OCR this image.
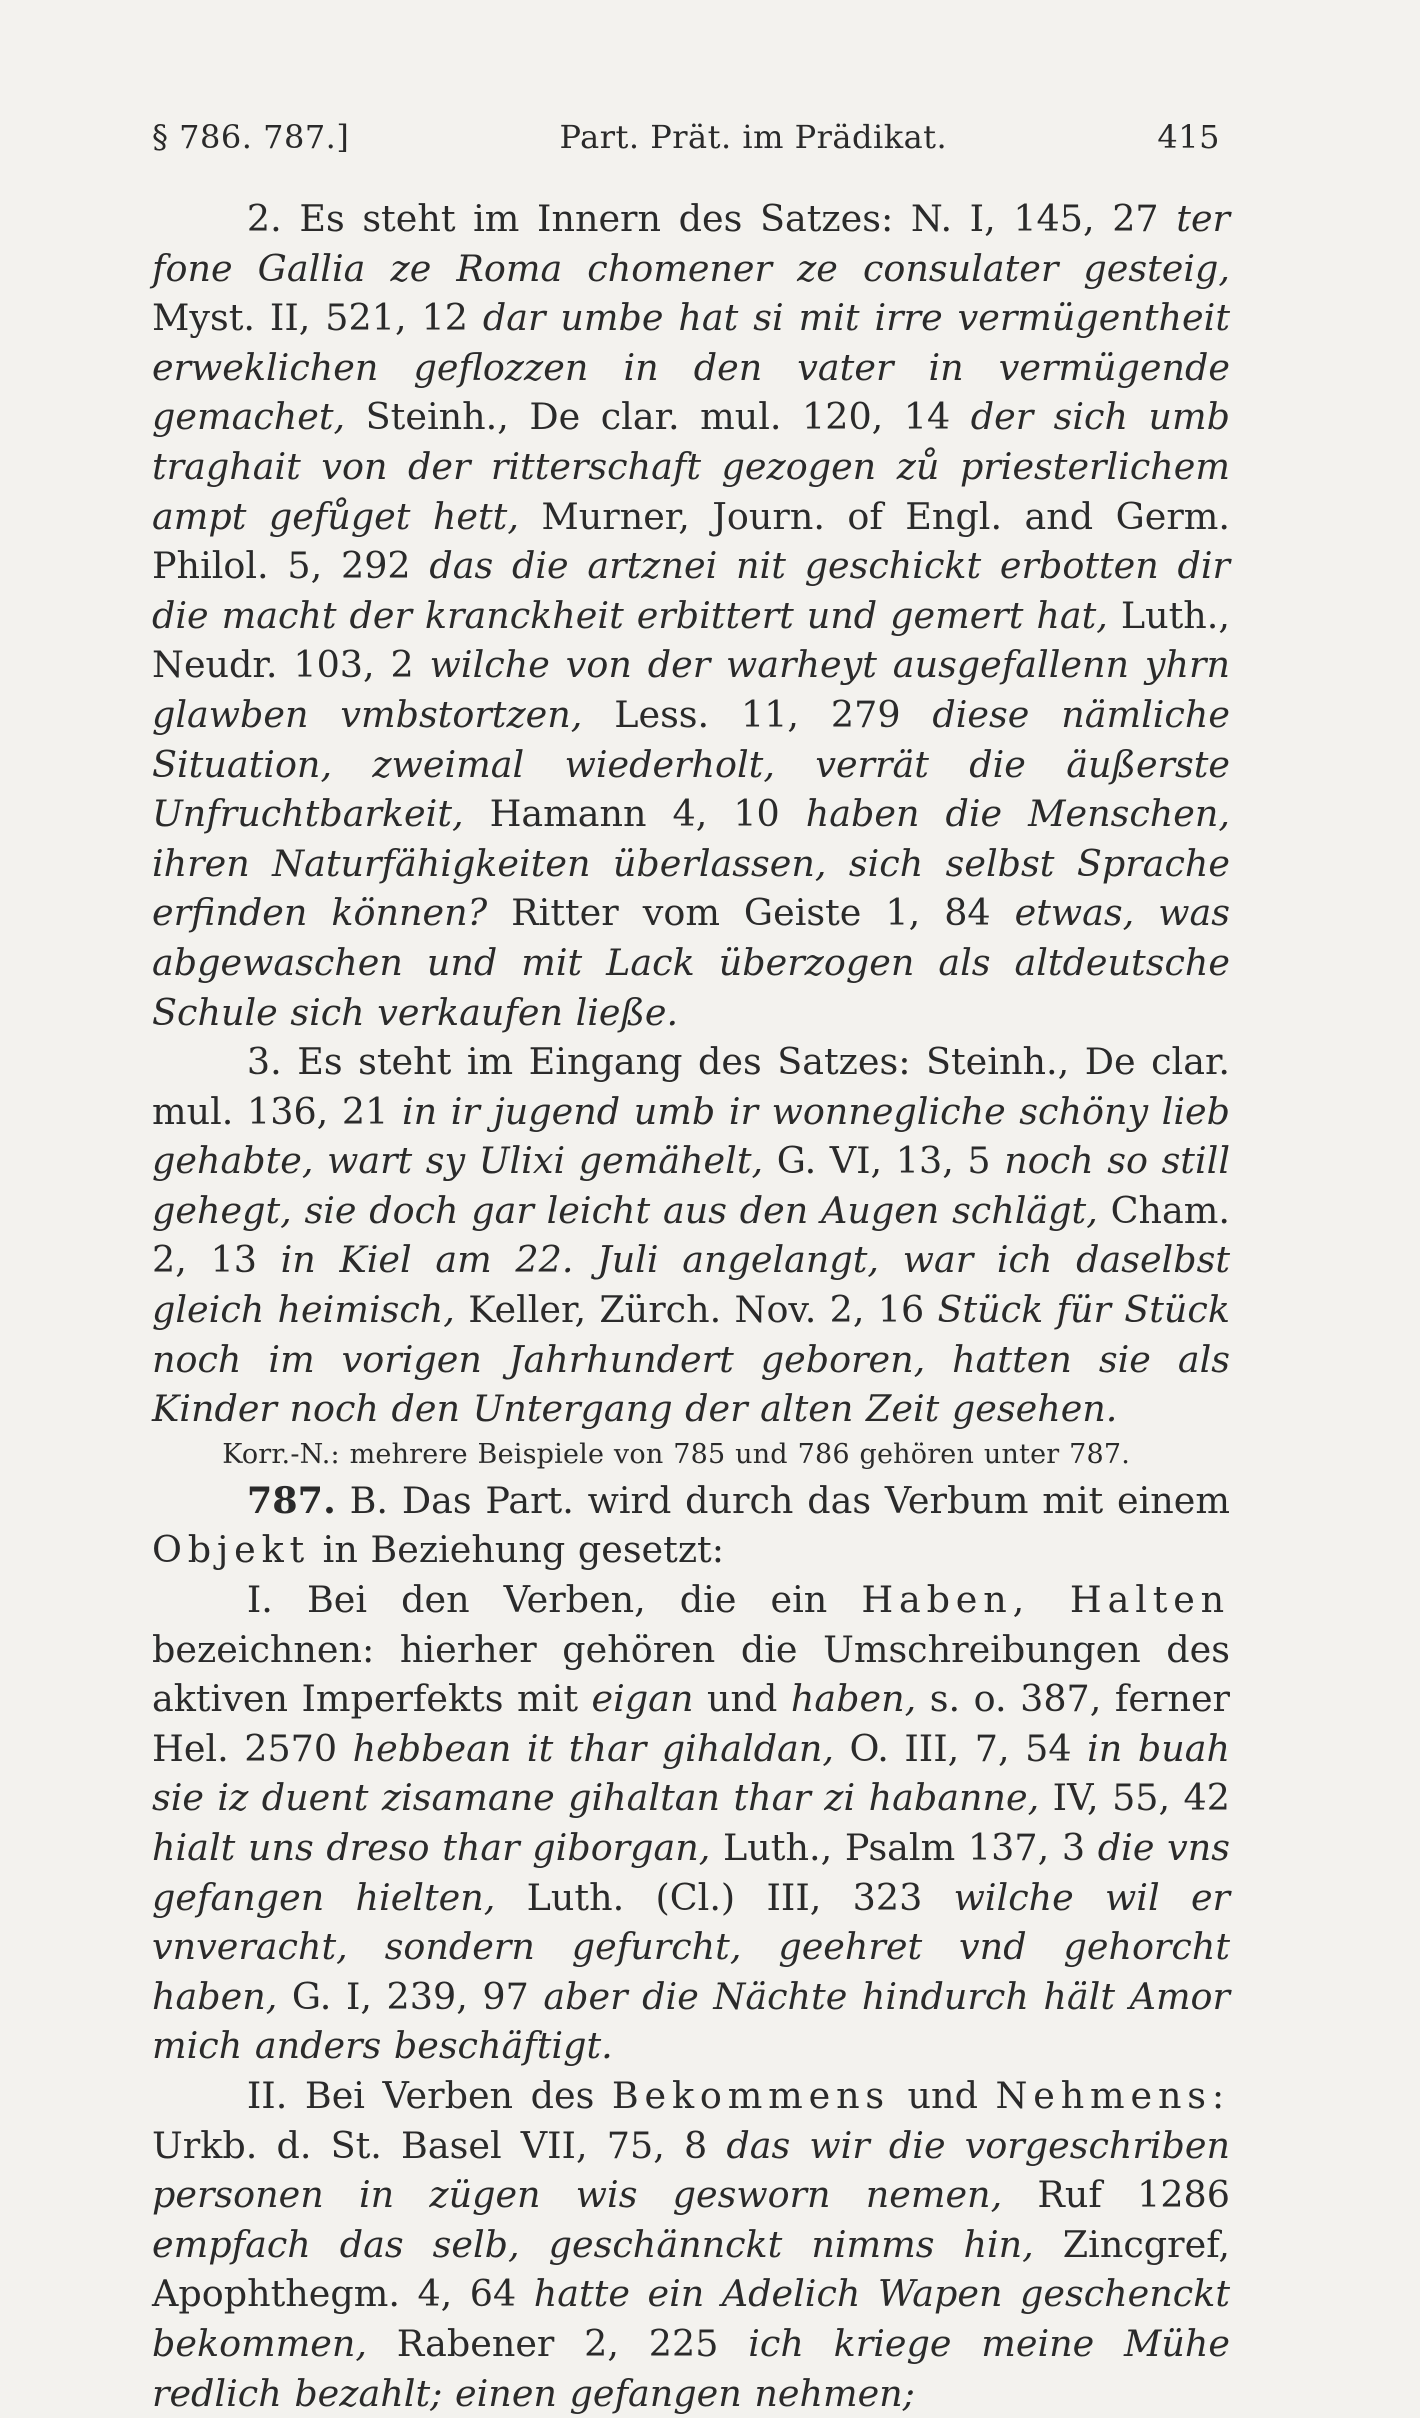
§ 786. 787.]	Part. Prät. im Prädikat.	415

2. Es steht im Innern des Satzes: N. I, 145, 27 ter fone Gallia ze Roma chomener ze consulater gesteig, Myst. II, 521, 12 dar umbe hat si mit irre vermügentheit erweklichen geflozzen in den vater in vermügende gemachet, Steinh., De clar. mul. 120, 14 der sich umb traghait von der ritterschaft gezogen zů priesterlichem ampt gefůget hett, Murner, Journ. of Engl. and Germ. Philol. 5, 292 das die artznei nit geschickt erbotten dir die macht der kranckheit erbittert und gemert hat, Luth., Neudr. 103, 2 wilche von der warheyt ausgefallenn yhrn glawben vmbstortzen, Less. 11, 279 diese nämliche Situation, zweimal wiederholt, verrät die äußerste Unfruchtbarkeit, Hamann 4, 10 haben die Menschen, ihren Naturfähigkeiten überlassen, sich selbst Sprache erfinden können? Ritter vom Geiste 1, 84 etwas, was abgewaschen und mit Lack überzogen als altdeutsche Schule sich verkaufen ließe.

3. Es steht im Eingang des Satzes: Steinh., De clar. mul. 136, 21 in ir jugend umb ir wonnegliche schöny lieb gehabte, wart sy Ulixi gemähelt, G. VI, 13, 5 noch so still gehegt, sie doch gar leicht aus den Augen schlägt, Cham. 2, 13 in Kiel am 22. Juli angelangt, war ich daselbst gleich heimisch, Keller, Zürch. Nov. 2, 16 Stück für Stück noch im vorigen Jahrhundert geboren, hatten sie als Kinder noch den Untergang der alten Zeit gesehen.

Korr.-N.: mehrere Beispiele von 785 und 786 gehören unter 787.

787. B. Das Part. wird durch das Verbum mit einem Objekt in Beziehung gesetzt:

I. Bei den Verben, die ein Haben, Halten bezeichnen: hierher gehören die Umschreibungen des aktiven Imperfekts mit eigan und haben, s. o. 387, ferner Hel. 2570 hebbean it thar gihaldan, O. III, 7, 54 in buah sie iz duent zisamane gihaltan thar zi habanne, IV, 55, 42 hialt uns dreso thar giborgan, Luth., Psalm 137, 3 die vns gefangen hielten, Luth. (Cl.) III, 323 wilche wil er vnveracht, sondern gefurcht, geehret vnd gehorcht haben, G. I, 239, 97 aber die Nächte hindurch hält Amor mich anders beschäftigt.

II. Bei Verben des Bekommens und Nehmens: Urkb. d. St. Basel VII, 75, 8 das wir die vorgeschriben personen in zügen wis gesworn nemen, Ruf 1286 empfach das selb, geschännckt nimms hin, Zincgref, Apophthegm. 4, 64 hatte ein Adelich Wapen geschenckt bekommen, Rabener 2, 225 ich kriege meine Mühe redlich bezahlt; einen gefangen nehmen;
